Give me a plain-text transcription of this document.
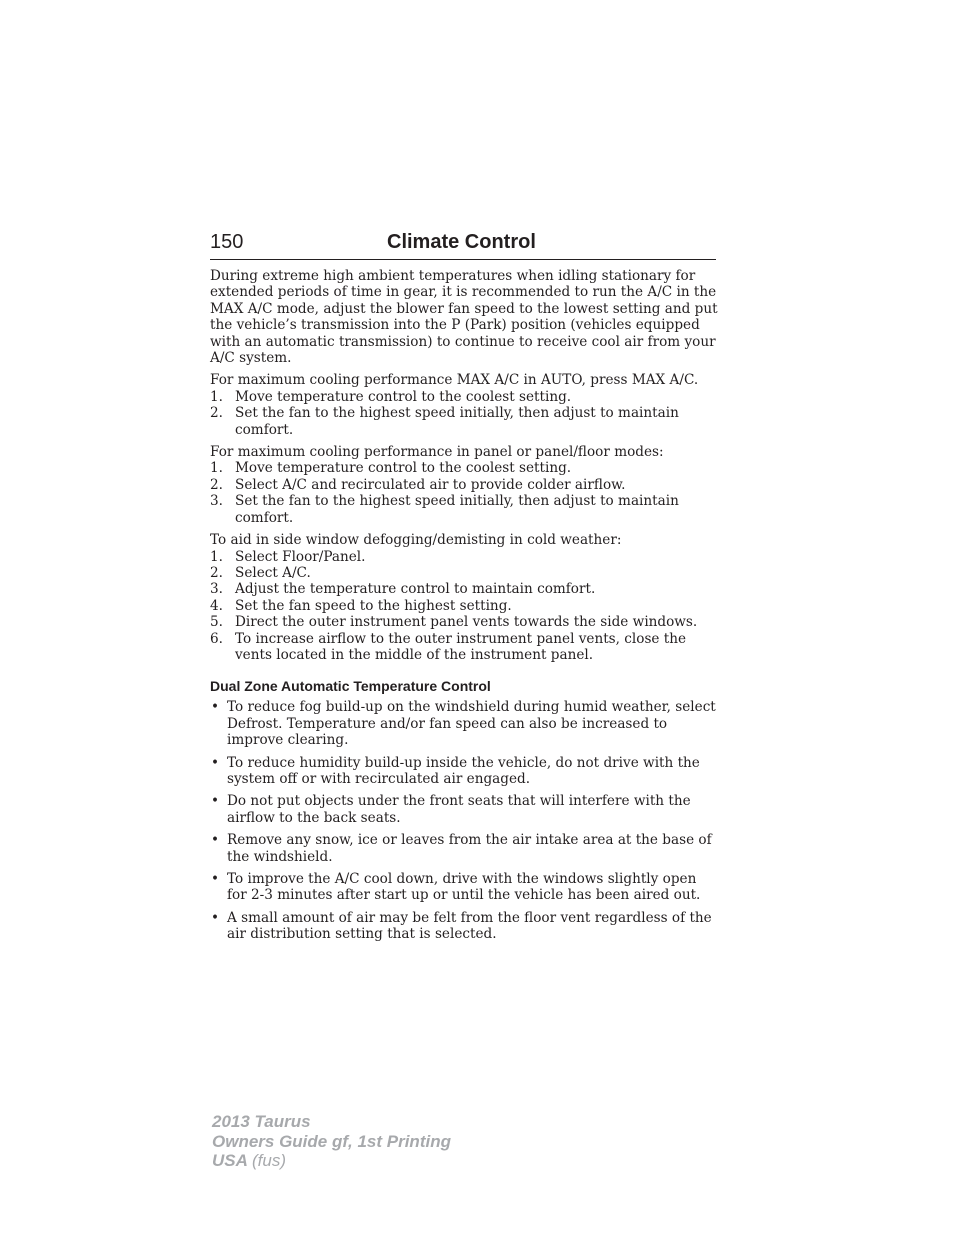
150	Climate Control

During extreme high ambient temperatures when idling stationary for extended periods of time in gear, it is recommended to run the A/C in the MAX A/C mode, adjust the blower fan speed to the lowest setting and put the vehicle’s transmission into the P (Park) position (vehicles equipped with an automatic transmission) to continue to receive cool air from your A/C system.

For maximum cooling performance MAX A/C in AUTO, press MAX A/C.

1. Move temperature control to the coolest setting.
2. Set the fan to the highest speed initially, then adjust to maintain comfort.

For maximum cooling performance in panel or panel/floor modes:

1. Move temperature control to the coolest setting.
2. Select A/C and recirculated air to provide colder airflow.
3. Set the fan to the highest speed initially, then adjust to maintain comfort.

To aid in side window defogging/demisting in cold weather:

1. Select Floor/Panel.
2. Select A/C.
3. Adjust the temperature control to maintain comfort.
4. Set the fan speed to the highest setting.
5. Direct the outer instrument panel vents towards the side windows.
6. To increase airflow to the outer instrument panel vents, close the vents located in the middle of the instrument panel.
Dual Zone Automatic Temperature Control
• To reduce fog build-up on the windshield during humid weather, select Defrost. Temperature and/or fan speed can also be increased to improve clearing.
• To reduce humidity build-up inside the vehicle, do not drive with the system off or with recirculated air engaged.
• Do not put objects under the front seats that will interfere with the airflow to the back seats.
• Remove any snow, ice or leaves from the air intake area at the base of the windshield.
• To improve the A/C cool down, drive with the windows slightly open for 2-3 minutes after start up or until the vehicle has been aired out.
• A small amount of air may be felt from the floor vent regardless of the air distribution setting that is selected.
2013 Taurus
Owners Guide gf, 1st Printing
USA (fus)
